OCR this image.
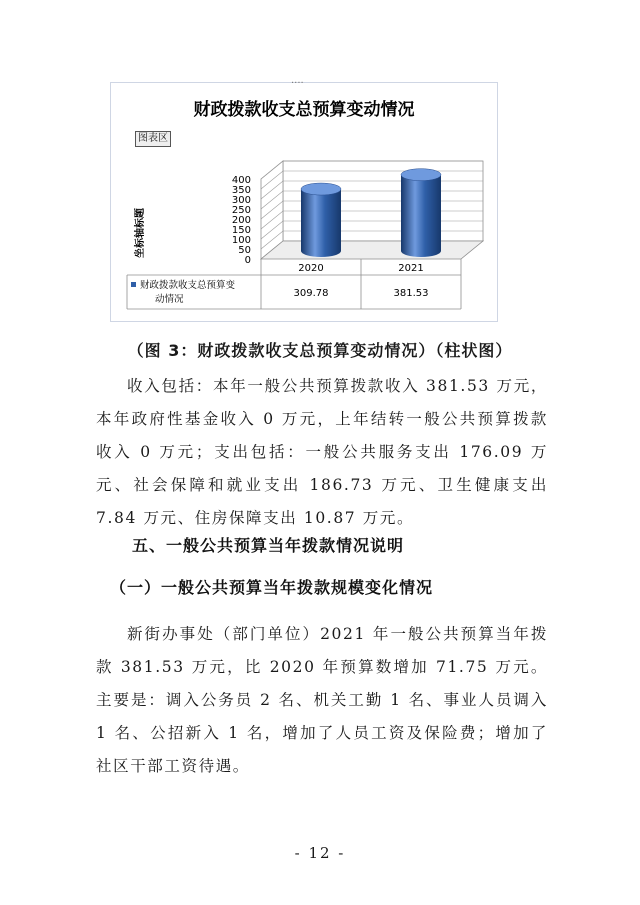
....
财政拨款收支总预算变动情况
图表区
0
50
100
150
200
250
300
350
400
坐标轴标题
2020
309.78
2021
381.53
财政拨款收支总预算变
动情况
（图 3：财政拨款收支总预算变动情况）（柱状图）
收入包括：本年一般公共预算拨款收入 381.53 万元，本年政府性基金收入 0 万元，上年结转一般公共预算拨款收入 0 万元；支出包括：一般公共服务支出 176.09 万元、社会保障和就业支出 186.73 万元、卫生健康支出 7.84 万元、住房保障支出 10.87 万元。
五、一般公共预算当年拨款情况说明
（一）一般公共预算当年拨款规模变化情况
新街办事处（部门单位）2021 年一般公共预算当年拨款 381.53 万元，比 2020 年预算数增加 71.75 万元。主要是：调入公务员 2 名、机关工勤 1 名、事业人员调入 1 名、公招新入 1 名，增加了人员工资及保险费；增加了社区干部工资待遇。
- 12 -
